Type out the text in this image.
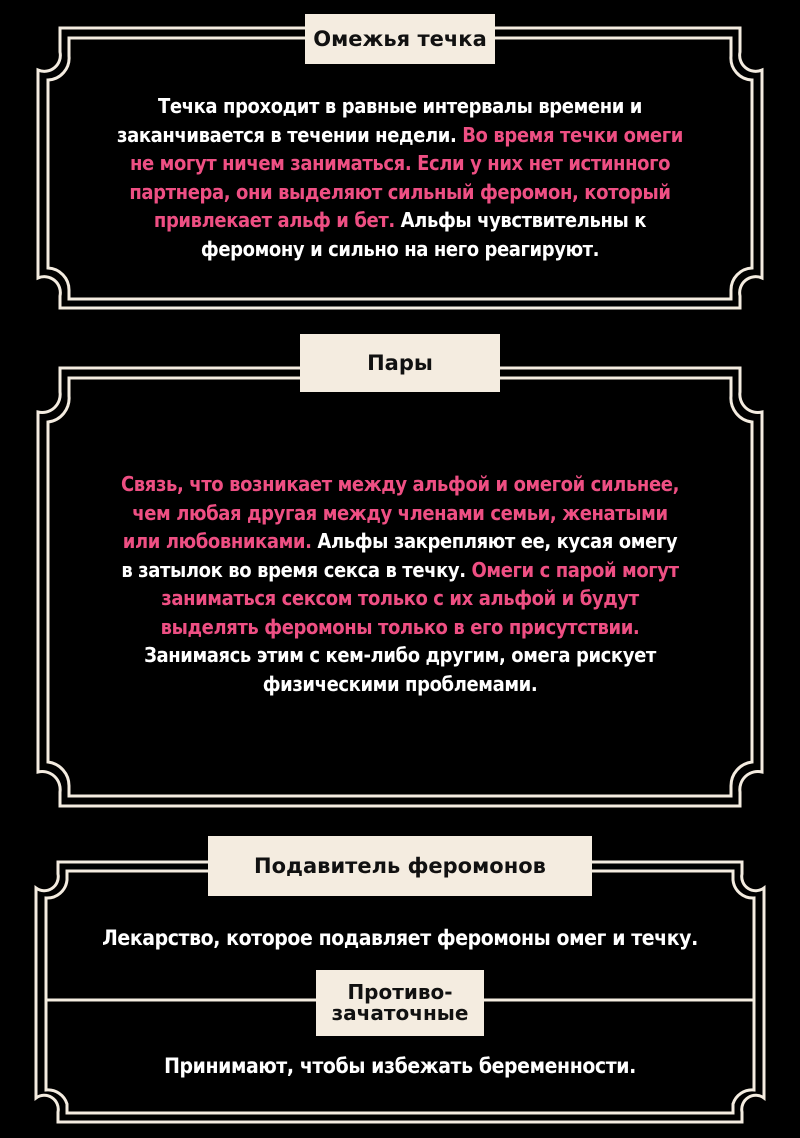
Омежья течка
Течка проходит в равные интервалы времени и заканчивается в течении недели. Во время течки омеги не могут ничем заниматься. Если у них нет истинного партнера, они выделяют сильный феромон, который привлекает альф и бет. Альфы чувствительны к феромону и сильно на него реагируют.
Пары
Связь, что возникает между альфой и омегой сильнее, чем любая другая между членами семьи, женатыми или любовниками. Альфы закрепляют ее, кусая омегу в затылок во время секса в течку. Омеги с парой могут заниматься сексом только с их альфой и будут выделять феромоны только в его присутствии. Занимаясь этим с кем-либо другим, омега рискует физическими проблемами.
Подавитель феромонов
Лекарство, которое подавляет феромоны омег и течку.
Противо-
зачаточные
Принимают, чтобы избежать беременности.
